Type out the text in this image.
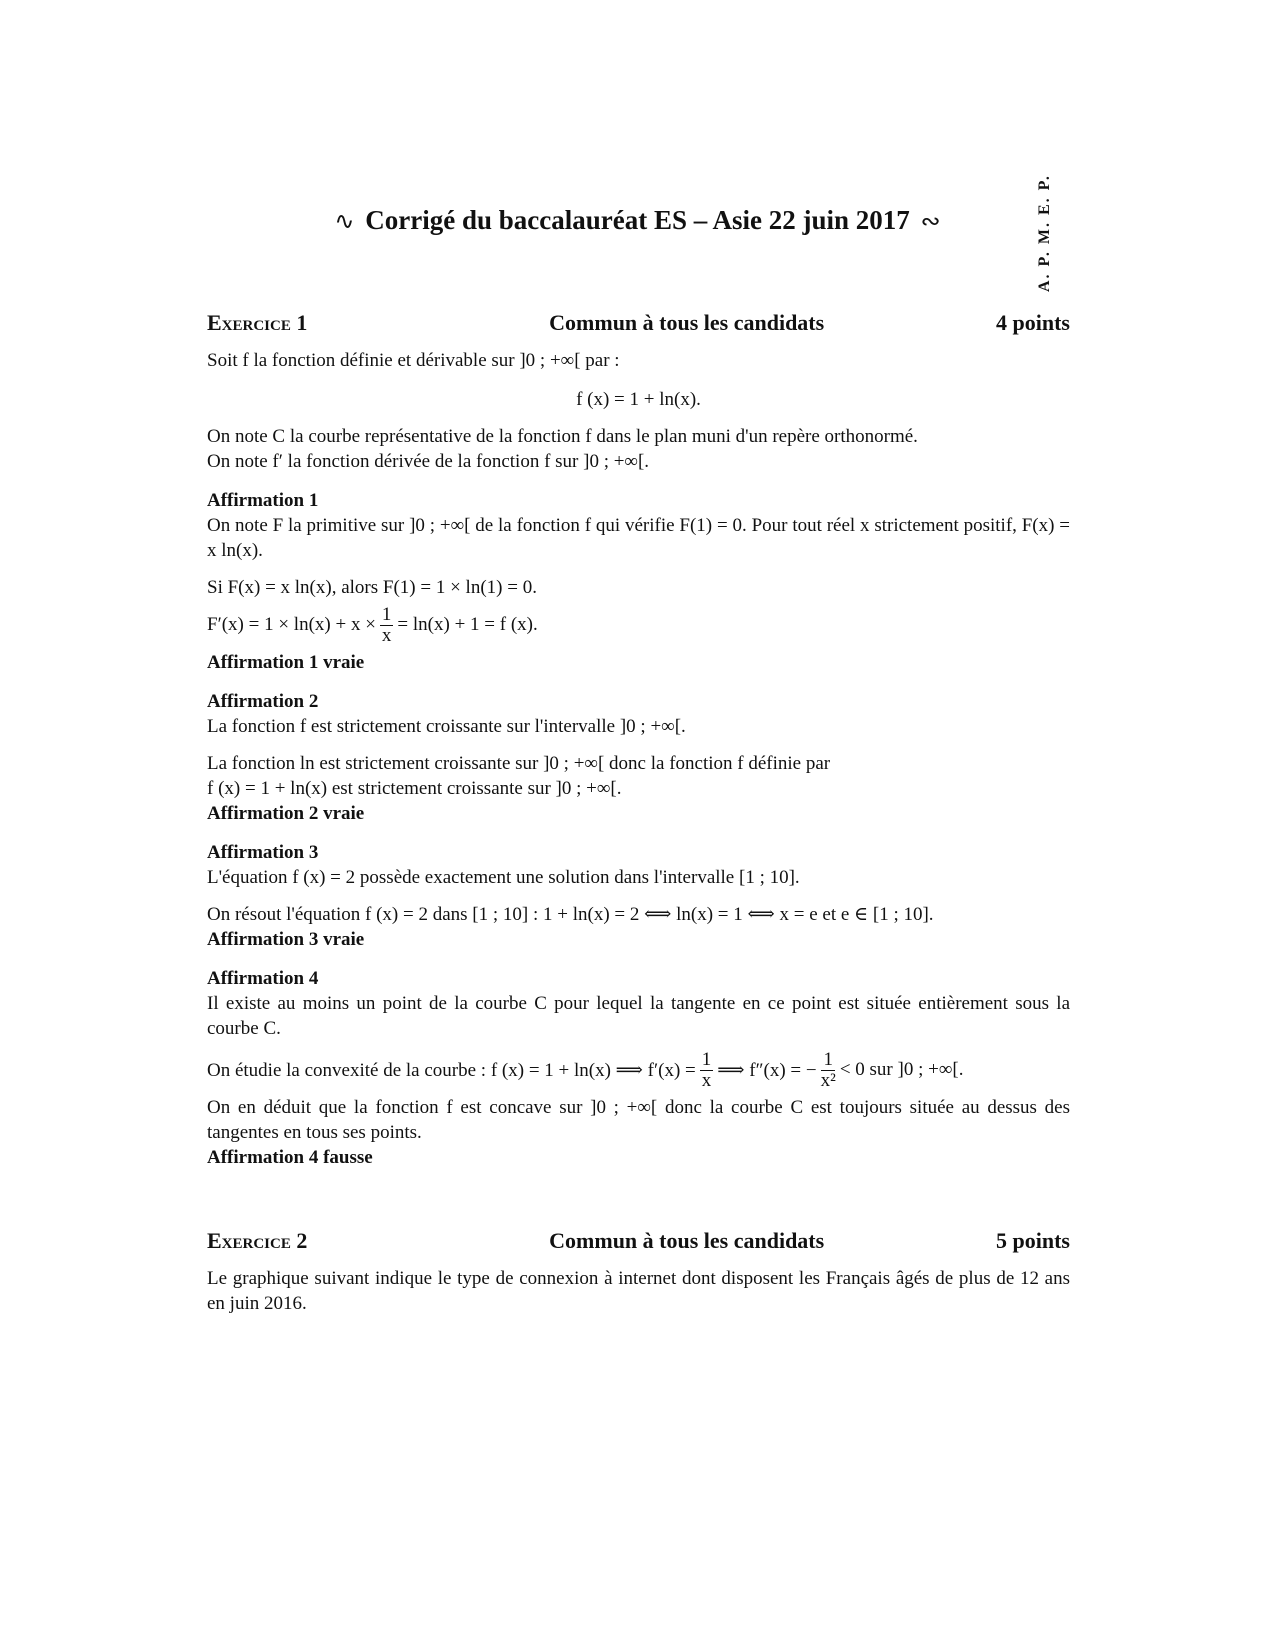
A. P. M. E. P.
∿ Corrigé du baccalauréat ES – Asie 22 juin 2017 ∾
Exercice 1	Commun à tous les candidats	4 points

Soit f la fonction définie et dérivable sur ]0 ; +∞[ par :

f (x) = 1 + ln(x).

On note C la courbe représentative de la fonction f dans le plan muni d'un repère orthonormé.

On note f′ la fonction dérivée de la fonction f sur ]0 ; +∞[.

Affirmation 1

On note F la primitive sur ]0 ; +∞[ de la fonction f qui vérifie F(1) = 0. Pour tout réel x strictement positif, F(x) = x ln(x).

Si F(x) = x ln(x), alors F(1) = 1 × ln(1) = 0.

$F'(x) = 1 \times \ln(x) + x \times \frac{1}{x} = \ln(x) + 1 = f$ (x).

Affirmation 1 vraie

Affirmation 2

La fonction f est strictement croissante sur l'intervalle ]0 ; +∞[.

La fonction ln est strictement croissante sur ]0 ; +∞[ donc la fonction f définie par

f (x) = 1 + ln(x) est strictement croissante sur ]0 ; +∞[.

Affirmation 2 vraie

Affirmation 3

L'équation f (x) = 2 possède exactement une solution dans l'intervalle [1 ; 10].

On résout l'équation f (x) = 2 dans [1 ; 10] : 1 + ln(x) = 2 ⟺ ln(x) = 1 ⟺ x = e et e ∈ [1 ; 10].

Affirmation 3 vraie

Affirmation 4

Il existe au moins un point de la courbe C pour lequel la tangente en ce point est située entièrement sous la courbe C.

On étudie la convexité de la courbe : f (x) = 1 + ln(x) ⟹ $f'(x) = \frac{1}{x}$ ⟹ f″(x) = − $\frac{1}{\text{x²}} < 0$ sur ]0 ; +∞[.

On en déduit que la fonction f est concave sur ]0 ; +∞[ donc la courbe C est toujours située au dessus des tangentes en tous ses points.

Affirmation 4 fausse

Exercice 2	Commun à tous les candidats	5 points

Le graphique suivant indique le type de connexion à internet dont disposent les Français âgés de plus de 12 ans en juin 2016.
